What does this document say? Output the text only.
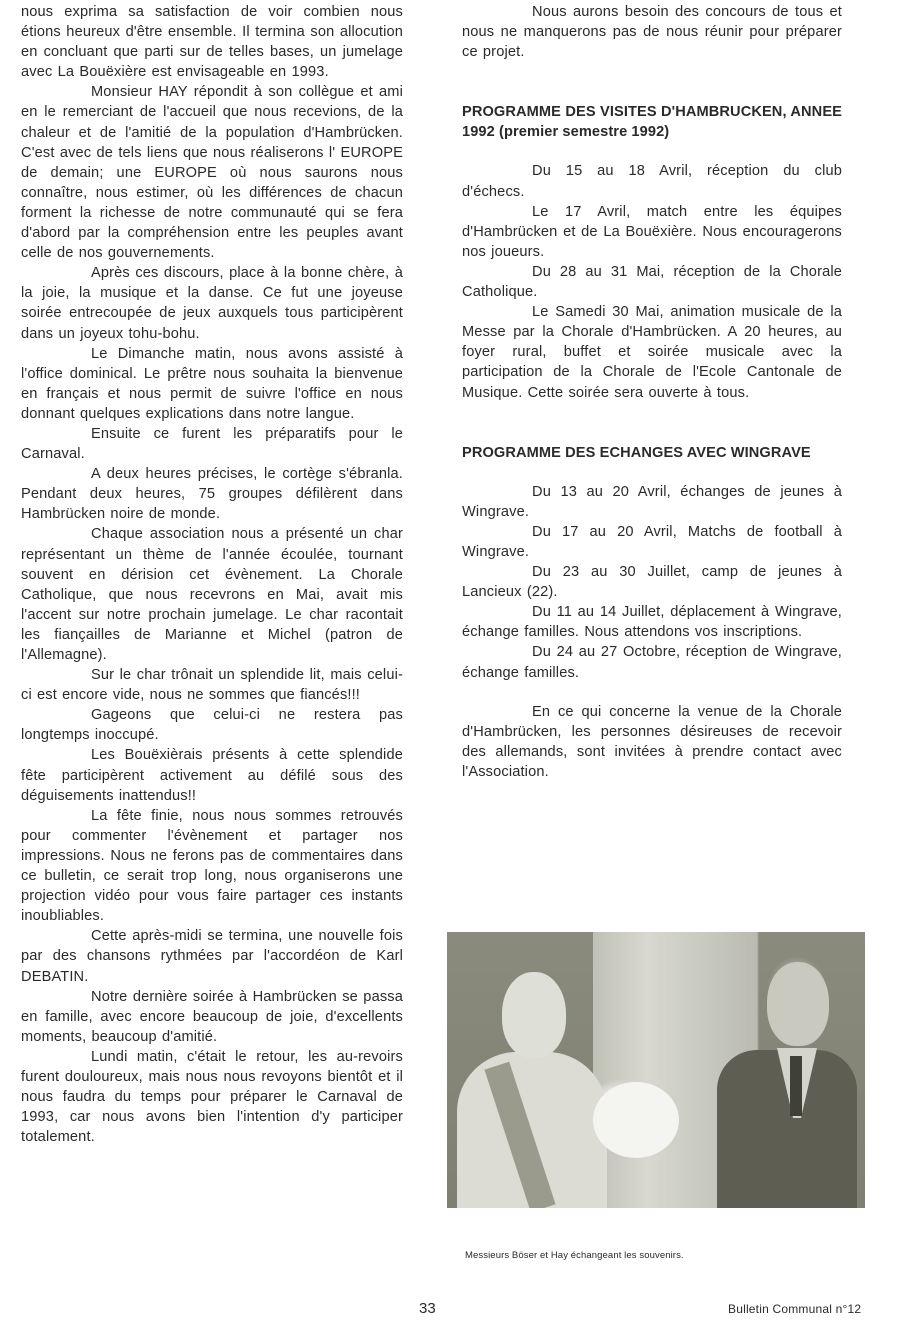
nous exprima sa satisfaction de voir combien nous étions heureux d'être ensemble. Il termina son allocution en concluant que parti sur de telles bases, un jumelage avec La Bouëxière est envisageable en 1993.

Monsieur HAY répondit à son collègue et ami en le remerciant de l'accueil que nous recevions, de la chaleur et de l'amitié de la population d'Hambrücken. C'est avec de tels liens que nous réaliserons l' EUROPE de demain; une EUROPE où nous saurons nous connaître, nous estimer, où les différences de chacun forment la richesse de notre communauté qui se fera d'abord par la compréhension entre les peuples avant celle de nos gouvernements.

Après ces discours, place à la bonne chère, à la joie, la musique et la danse. Ce fut une joyeuse soirée entrecoupée de jeux auxquels tous participèrent dans un joyeux tohu-bohu.

Le Dimanche matin, nous avons assisté à l'office dominical. Le prêtre nous souhaita la bienvenue en français et nous permit de suivre l'office en nous donnant quelques explications dans notre langue.

Ensuite ce furent les préparatifs pour le Carnaval.

A deux heures précises, le cortège s'ébranla. Pendant deux heures, 75 groupes défilèrent dans Hambrücken noire de monde.

Chaque association nous a présenté un char représentant un thème de l'année écoulée, tournant souvent en dérision cet évènement. La Chorale Catholique, que nous recevrons en Mai, avait mis l'accent sur notre prochain jumelage. Le char racontait les fiançailles de Marianne et Michel (patron de l'Allemagne).

Sur le char trônait un splendide lit, mais celui-ci est encore vide, nous ne sommes que fiancés!!!

Gageons que celui-ci ne restera pas longtemps inoccupé.

Les Bouëxièrais présents à cette splendide fête participèrent activement au défilé sous des déguisements inattendus!!

La fête finie, nous nous sommes retrouvés pour commenter l'évènement et partager nos impressions. Nous ne ferons pas de commentaires dans ce bulletin, ce serait trop long, nous organiserons une projection vidéo pour vous faire partager ces instants inoubliables.

Cette après-midi se termina, une nouvelle fois par des chansons rythmées par l'accordéon de Karl DEBATIN.

Notre dernière soirée à Hambrücken se passa en famille, avec encore beaucoup de joie, d'excellents moments, beaucoup d'amitié.

Lundi matin, c'était le retour, les au-revoirs furent douloureux, mais nous nous revoyons bientôt et il nous faudra du temps pour préparer le Carnaval de 1993, car nous avons bien l'intention d'y participer totalement.

Nous aurons besoin des concours de tous et nous ne manquerons pas de nous réunir pour préparer ce projet.

PROGRAMME DES VISITES D'HAMBRUCKEN, ANNEE 1992 (premier semestre 1992)

Du 15 au 18 Avril, réception du club d'échecs.

Le 17 Avril, match entre les équipes d'Hambrücken et de La Bouëxière. Nous encouragerons nos joueurs.

Du 28 au 31 Mai, réception de la Chorale Catholique.

Le Samedi 30 Mai, animation musicale de la Messe par la Chorale d'Hambrücken. A 20 heures, au foyer rural, buffet et soirée musicale avec la participation de la Chorale de l'Ecole Cantonale de Musique. Cette soirée sera ouverte à tous.

PROGRAMME DES ECHANGES AVEC WINGRAVE

Du 13 au 20 Avril, échanges de jeunes à Wingrave.

Du 17 au 20 Avril, Matchs de football à Wingrave.

Du 23 au 30 Juillet, camp de jeunes à Lancieux (22).

Du 11 au 14 Juillet, déplacement à Wingrave, échange familles. Nous attendons vos inscriptions.

Du 24 au 27 Octobre, réception de Wingrave, échange familles.

En ce qui concerne la venue de la Chorale d'Hambrücken, les personnes désireuses de recevoir des allemands, sont invitées à prendre contact avec l'Association.

Messieurs Böser et Hay échangeant les souvenirs.
33	Bulletin Communal n°12
